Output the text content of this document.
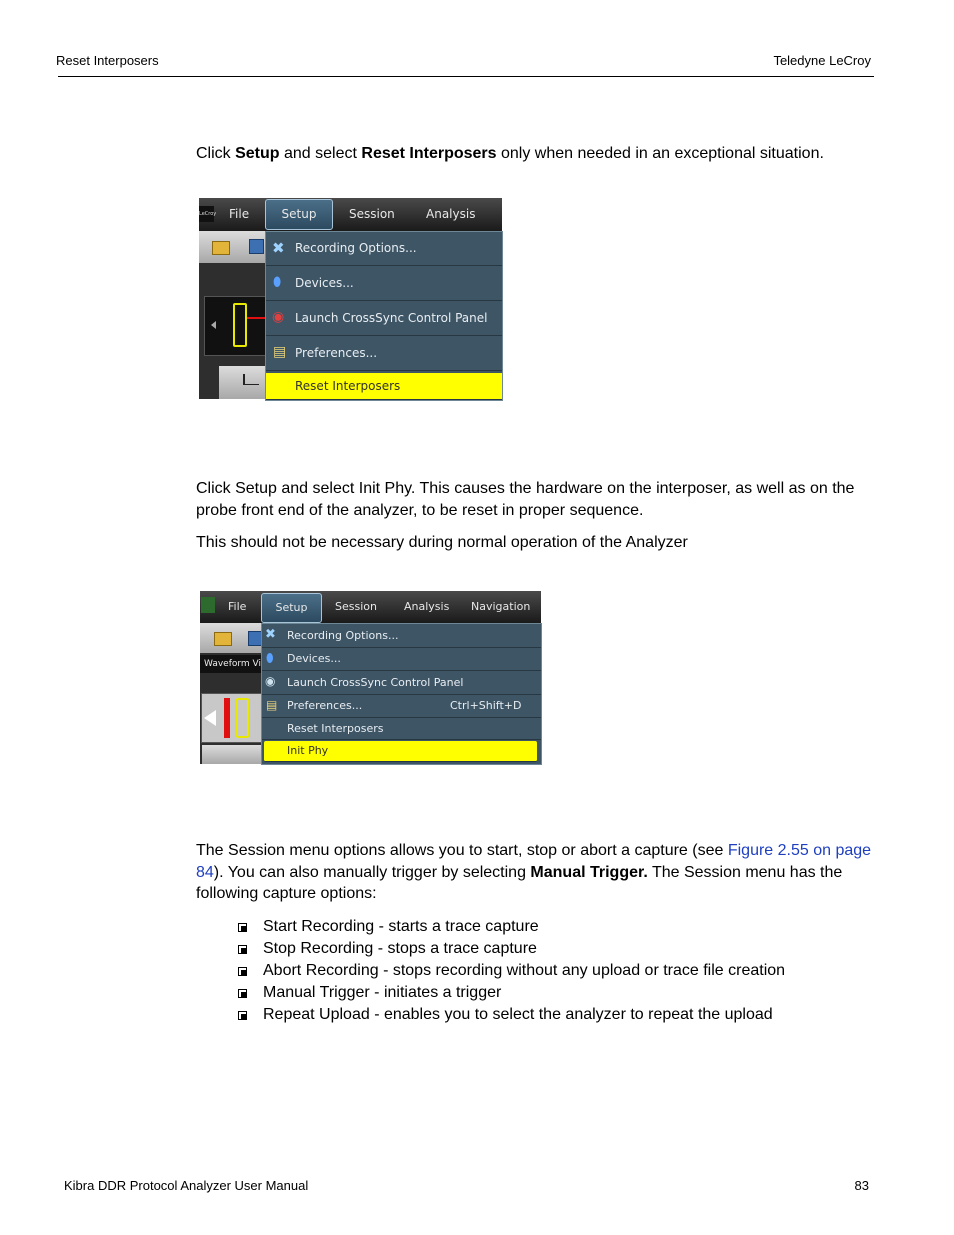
Reset Interposers	Teledyne LeCroy
Click Setup and select Reset Interposers only when needed in an exceptional situation.
LeCroy File	Setup	Session	Analysis
✖ Recording Options...
⬮ Devices...
◉ Launch CrossSync Control Panel
▤ Preferences...
Reset Interposers
Click Setup and select Init Phy. This causes the hardware on the interposer, as well as on the probe front end of the analyzer, to be reset in proper sequence.
This should not be necessary during normal operation of the Analyzer
File	Setup	Session Analysis Navigation
Waveform Vi
✖ Recording Options...
⬮ Devices...
◉ Launch CrossSync Control Panel
▤ Preferences...	Ctrl+Shift+D
Reset Interposers
Init Phy
The Session menu options allows you to start, stop or abort a capture (see Figure 2.55 on page 84). You can also manually trigger by selecting Manual Trigger. The Session menu has the following capture options:
Start Recording - starts a trace capture
Stop Recording - stops a trace capture
Abort Recording - stops recording without any upload or trace file creation
Manual Trigger - initiates a trigger
Repeat Upload - enables you to select the analyzer to repeat the upload
Kibra DDR Protocol Analyzer User Manual	83
